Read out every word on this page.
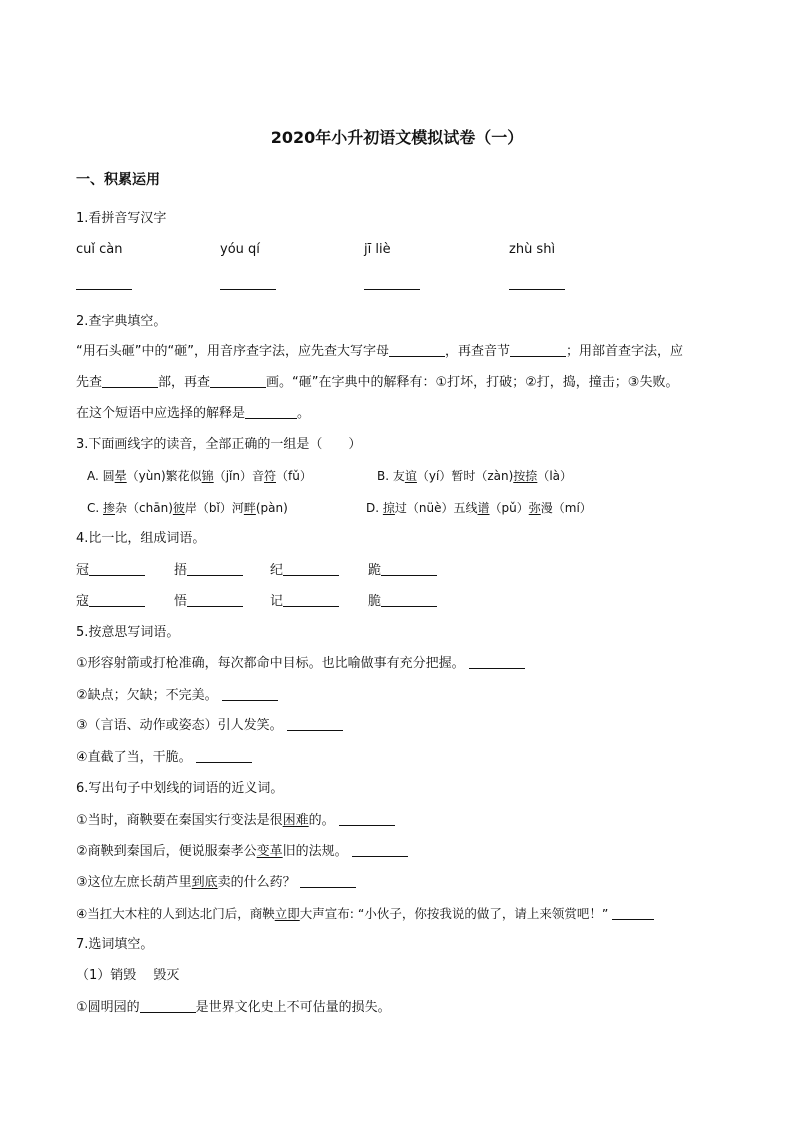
2020年小升初语文模拟试卷（一）
一、积累运用
1.看拼音写汉字
cuǐ càn	yóu qí	jī liè	zhù shì
2.查字典填空。
“用石头砸”中的“砸”，用音序查字法，应先查大写字母	，再查音节	；用部首查字法，应
先查	部，再查	画。“砸”在字典中的解释有：①打坏，打破；②打，捣，撞击；③失败。
在这个短语中应选择的解释是	。
3.下面画线字的读音，全部正确的一组是（　　）
A. 圆晕（yùn)繁花似锦（jǐn）音符（fǔ）	B. 友谊（yí）暂时（zàn)按捺（là）
C. 掺杂（chān)彼岸（bǐ）河畔(pàn)	D. 掠过（nüè）五线谱（pǔ）弥漫（mí）
4.比一比，组成词语。
冠	捂	纪	跪
寇	悟	记	脆
5.按意思写词语。
①形容射箭或打枪准确，每次都命中目标。也比喻做事有充分把握。
②缺点；欠缺；不完美。
③（言语、动作或姿态）引人发笑。
④直截了当，干脆。
6.写出句子中划线的词语的近义词。
①当时，商鞅要在秦国实行变法是很困难的。
②商鞅到秦国后，便说服秦孝公变革旧的法规。
③这位左庶长葫芦里到底卖的什么药？
④当扛大木柱的人到达北门后，商鞅立即大声宣布: “小伙子，你按我说的做了，请上来领赏吧！”
7.选词填空。
（1）销毁　 毁灭
①圆明园的	是世界文化史上不可估量的损失。
